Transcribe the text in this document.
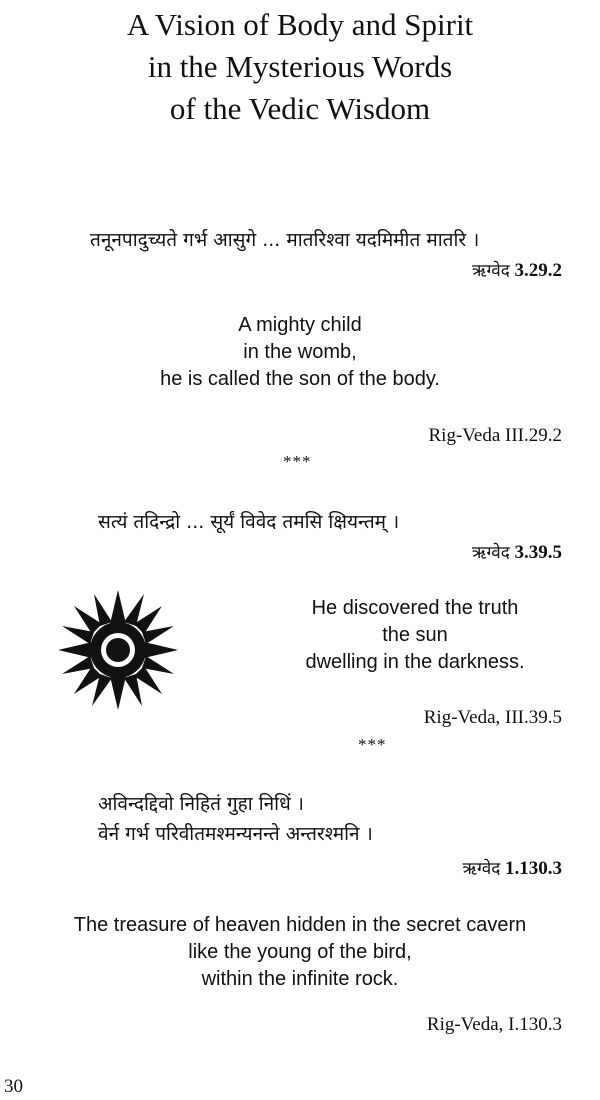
A Vision of Body and Spirit
in the Mysterious Words
of the Vedic Wisdom
तनूनपादुच्यते गर्भ आसुगे ... मातरिश्वा यदमिमीत मातरि ।
ऋग्वेद 3.29.2
A mighty child
in the womb,
he is called the son of the body.
Rig-Veda III.29.2
***
सत्यं तदिन्द्रो ... सूर्यं विवेद तमसि क्षियन्तम् ।
ऋग्वेद 3.39.5
He discovered the truth
the sun
dwelling in the darkness.
Rig-Veda, III.39.5
***
अविन्दद्दिवो निहितं गुहा निधिं ।
वेर्न गर्भ परिवीतमश्मन्यनन्ते अन्तरश्मनि ।
ऋग्वेद 1.130.3
The treasure of heaven hidden in the secret cavern
like the young of the bird,
within the infinite rock.
Rig-Veda, I.130.3
30
